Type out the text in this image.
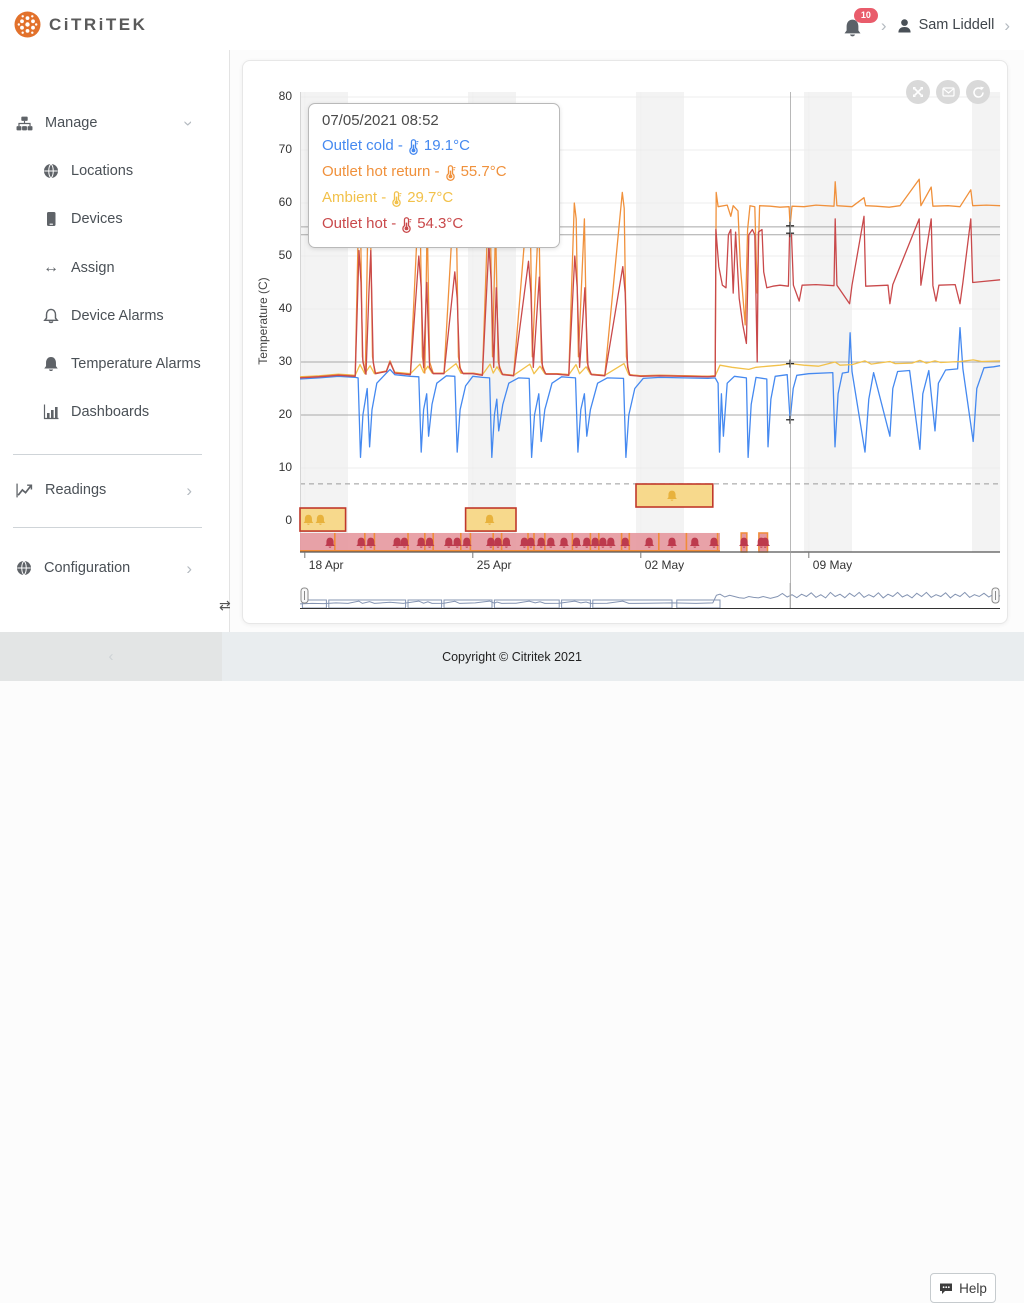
CiTRiTEK	10
› Sam Liddell ›
Manage	›
Locations
Devices
↔ Assign
Device Alarms
Temperature Alarms
Dashboards
Readings	›
Configuration	›
Temperature (C)
0
10
20
30
40
50
60
70
80
18 Apr	25 Apr	02 May	09 May
07/05/2021 08:52
Outlet cold - 19.1°C
Outlet hot return - 55.7°C
Ambient - 29.7°C
Outlet hot - 54.3°C
⇄
Copyright © Citritek 2021
‹
Help
